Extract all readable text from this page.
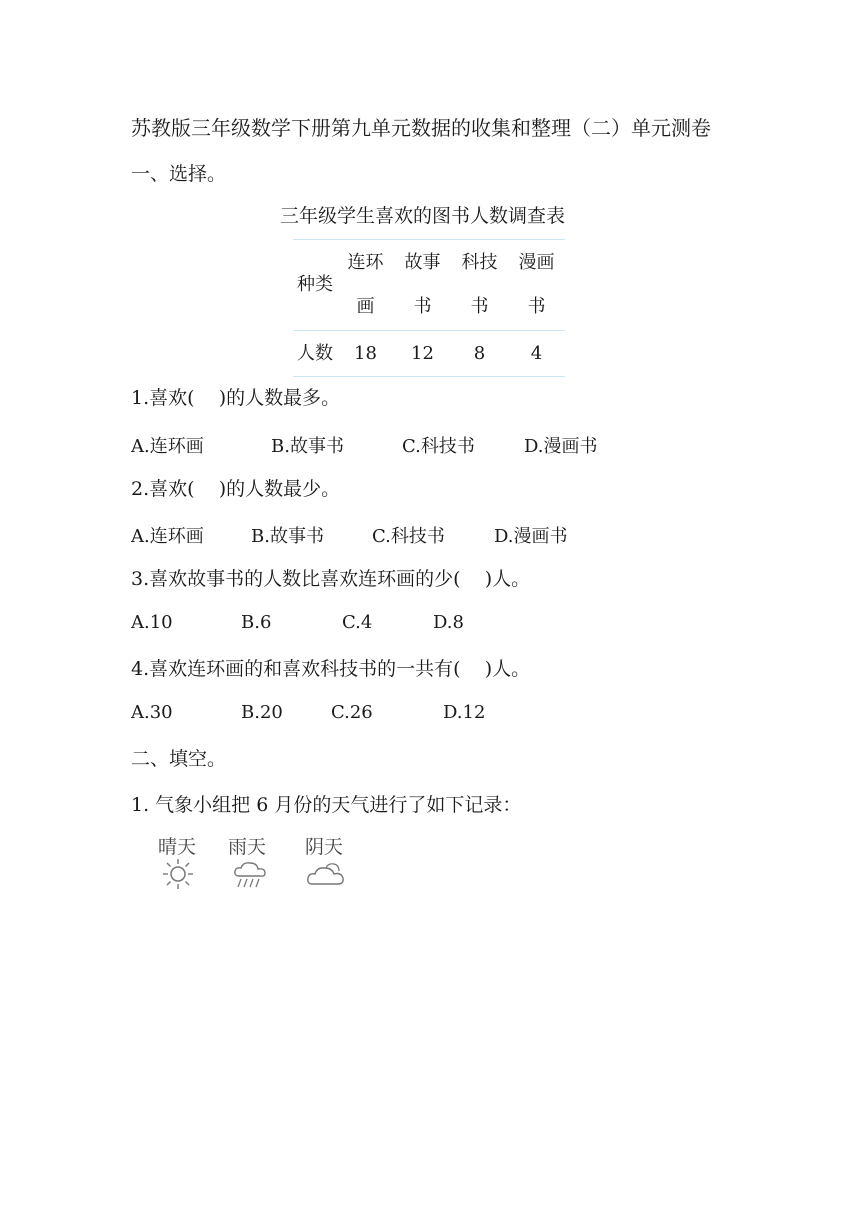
苏教版三年级数学下册第九单元数据的收集和整理（二）单元测卷
一、选择。
三年级学生喜欢的图书人数调查表
种类	连环画	故事书	科技书	漫画书
人数	18	12	8	4
1.喜欢(    )的人数最多。
A.连环画	B.故事书	C.科技书	D.漫画书
2.喜欢(    )的人数最少。
A.连环画	B.故事书	C.科技书	D.漫画书
3.喜欢故事书的人数比喜欢连环画的少(    )人。
A.10	B.6	C.4	D.8
4.喜欢连环画的和喜欢科技书的一共有(    )人。
A.30	B.20	C.26	D.12
二、填空。
1. 气象小组把 6 月份的天气进行了如下记录：
晴天 雨天 阴天
